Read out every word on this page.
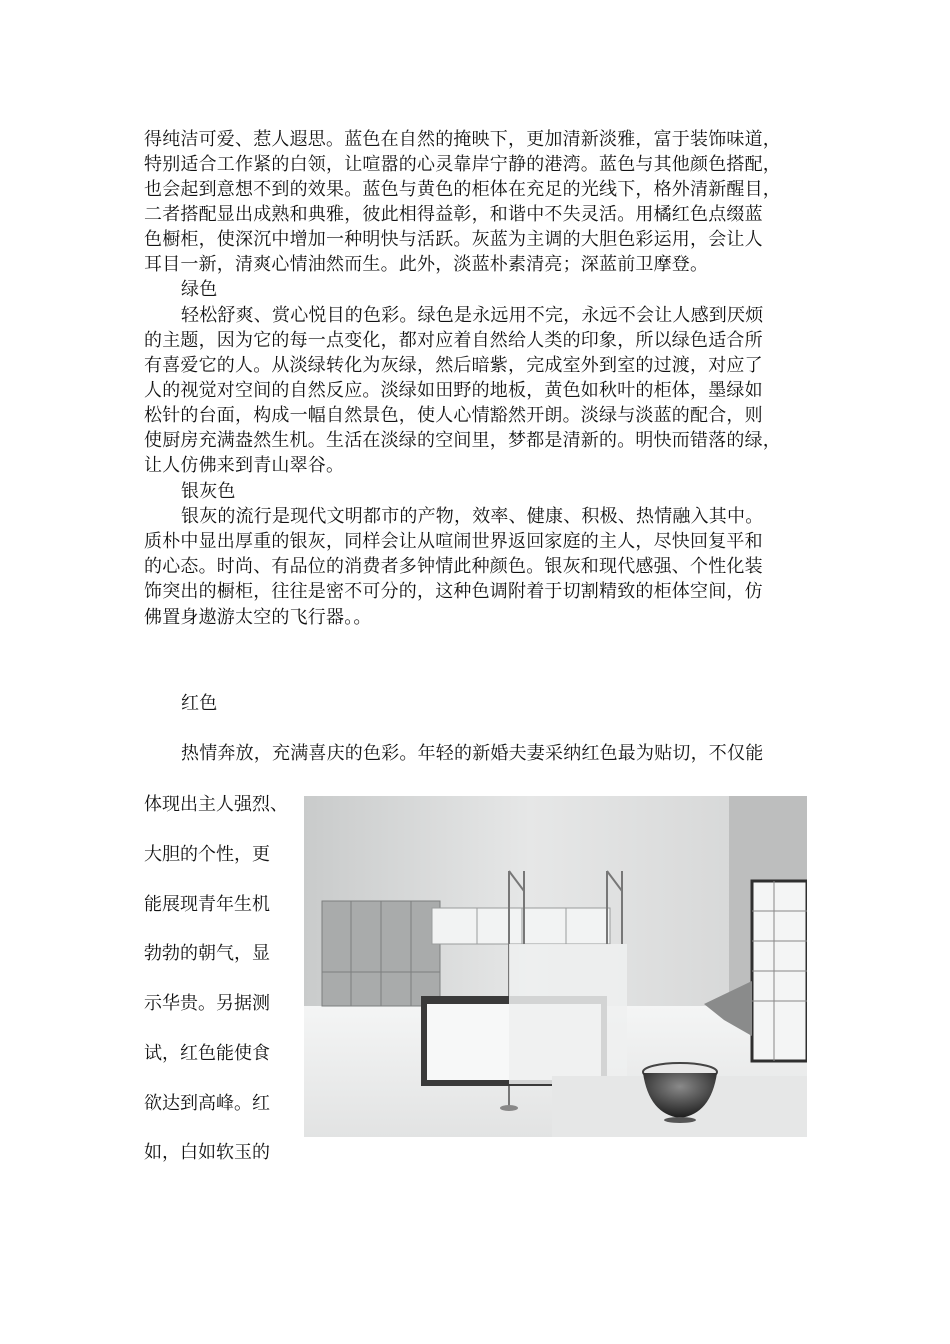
得纯洁可爱、惹人遐思。蓝色在自然的掩映下，更加清新淡雅，富于装饰味道，
特别适合工作紧的白领，让喧嚣的心灵靠岸宁静的港湾。蓝色与其他颜色搭配，
也会起到意想不到的效果。蓝色与黄色的柜体在充足的光线下，格外清新醒目，
二者搭配显出成熟和典雅，彼此相得益彰，和谐中不失灵活。用橘红色点缀蓝
色橱柜，使深沉中增加一种明快与活跃。灰蓝为主调的大胆色彩运用，会让人
耳目一新，清爽心情油然而生。此外，淡蓝朴素清亮；深蓝前卫摩登。
绿色
轻松舒爽、赏心悦目的色彩。绿色是永远用不完，永远不会让人感到厌烦
的主题，因为它的每一点变化，都对应着自然给人类的印象，所以绿色适合所
有喜爱它的人。从淡绿转化为灰绿，然后暗紫，完成室外到室的过渡，对应了
人的视觉对空间的自然反应。淡绿如田野的地板，黄色如秋叶的柜体，墨绿如
松针的台面，构成一幅自然景色，使人心情豁然开朗。淡绿与淡蓝的配合，则
使厨房充满盎然生机。生活在淡绿的空间里，梦都是清新的。明快而错落的绿，
让人仿佛来到青山翠谷。
银灰色
银灰的流行是现代文明都市的产物，效率、健康、积极、热情融入其中。
质朴中显出厚重的银灰，同样会让从喧闹世界返回家庭的主人，尽快回复平和
的心态。时尚、有品位的消费者多钟情此种颜色。银灰和现代感强、个性化装
饰突出的橱柜，往往是密不可分的，这种色调附着于切割精致的柜体空间，仿
佛置身遨游太空的飞行器。。
红色
热情奔放，充满喜庆的色彩。年轻的新婚夫妻采纳红色最为贴切，不仅能
体现出主人强烈、
大胆的个性，更
能展现青年生机
勃勃的朝气，显
示华贵。另据测
试，红色能使食
欲达到高峰。红
如，白如软玉的
